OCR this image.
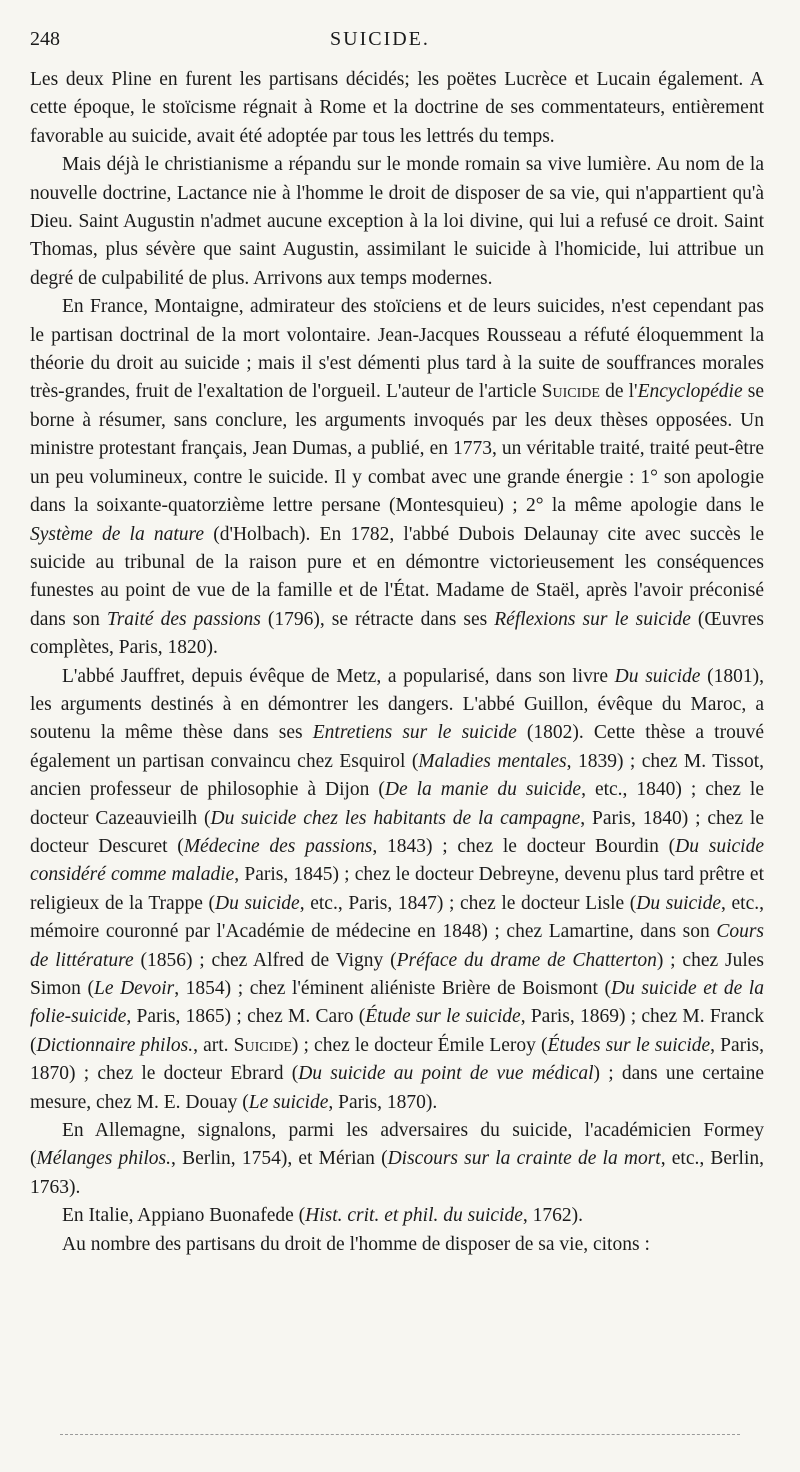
248	SUICIDE.

Les deux Pline en furent les partisans décidés; les poëtes Lucrèce et Lucain également. A cette époque, le stoïcisme régnait à Rome et la doctrine de ses commentateurs, entièrement favorable au suicide, avait été adoptée par tous les lettrés du temps.

Mais déjà le christianisme a répandu sur le monde romain sa vive lumière. Au nom de la nouvelle doctrine, Lactance nie à l'homme le droit de disposer de sa vie, qui n'appartient qu'à Dieu. Saint Augustin n'admet aucune exception à la loi divine, qui lui a refusé ce droit. Saint Thomas, plus sévère que saint Augustin, assimilant le suicide à l'homicide, lui attribue un degré de culpabilité de plus. Arrivons aux temps modernes.

En France, Montaigne, admirateur des stoïciens et de leurs suicides, n'est cependant pas le partisan doctrinal de la mort volontaire. Jean-Jacques Rousseau a réfuté éloquemment la théorie du droit au suicide ; mais il s'est démenti plus tard à la suite de souffrances morales très-grandes, fruit de l'exaltation de l'orgueil. L'auteur de l'article Suicide de l'Encyclopédie se borne à résumer, sans conclure, les arguments invoqués par les deux thèses opposées. Un ministre protestant français, Jean Dumas, a publié, en 1773, un véritable traité, traité peut-être un peu volumineux, contre le suicide. Il y combat avec une grande énergie : 1° son apologie dans la soixante-quatorzième lettre persane (Montesquieu) ; 2° la même apologie dans le Système de la nature (d'Holbach). En 1782, l'abbé Dubois Delaunay cite avec succès le suicide au tribunal de la raison pure et en démontre victorieusement les conséquences funestes au point de vue de la famille et de l'État. Madame de Staël, après l'avoir préconisé dans son Traité des passions (1796), se rétracte dans ses Réflexions sur le suicide (Œuvres complètes, Paris, 1820).

L'abbé Jauffret, depuis évêque de Metz, a popularisé, dans son livre Du suicide (1801), les arguments destinés à en démontrer les dangers. L'abbé Guillon, évêque du Maroc, a soutenu la même thèse dans ses Entretiens sur le suicide (1802). Cette thèse a trouvé également un partisan convaincu chez Esquirol (Maladies mentales, 1839) ; chez M. Tissot, ancien professeur de philosophie à Dijon (De la manie du suicide, etc., 1840) ; chez le docteur Cazeauvieilh (Du suicide chez les habitants de la campagne, Paris, 1840) ; chez le docteur Descuret (Médecine des passions, 1843) ; chez le docteur Bourdin (Du suicide considéré comme maladie, Paris, 1845) ; chez le docteur Debreyne, devenu plus tard prêtre et religieux de la Trappe (Du suicide, etc., Paris, 1847) ; chez le docteur Lisle (Du suicide, etc., mémoire couronné par l'Académie de médecine en 1848) ; chez Lamartine, dans son Cours de littérature (1856) ; chez Alfred de Vigny (Préface du drame de Chatterton) ; chez Jules Simon (Le Devoir, 1854) ; chez l'éminent aliéniste Brière de Boismont (Du suicide et de la folie-suicide, Paris, 1865) ; chez M. Caro (Étude sur le suicide, Paris, 1869) ; chez M. Franck (Dictionnaire philos., art. Suicide) ; chez le docteur Émile Leroy (Études sur le suicide, Paris, 1870) ; chez le docteur Ebrard (Du suicide au point de vue médical) ; dans une certaine mesure, chez M. E. Douay (Le suicide, Paris, 1870).

En Allemagne, signalons, parmi les adversaires du suicide, l'académicien Formey (Mélanges philos., Berlin, 1754), et Mérian (Discours sur la crainte de la mort, etc., Berlin, 1763).

En Italie, Appiano Buonafede (Hist. crit. et phil. du suicide, 1762).

Au nombre des partisans du droit de l'homme de disposer de sa vie, citons :
